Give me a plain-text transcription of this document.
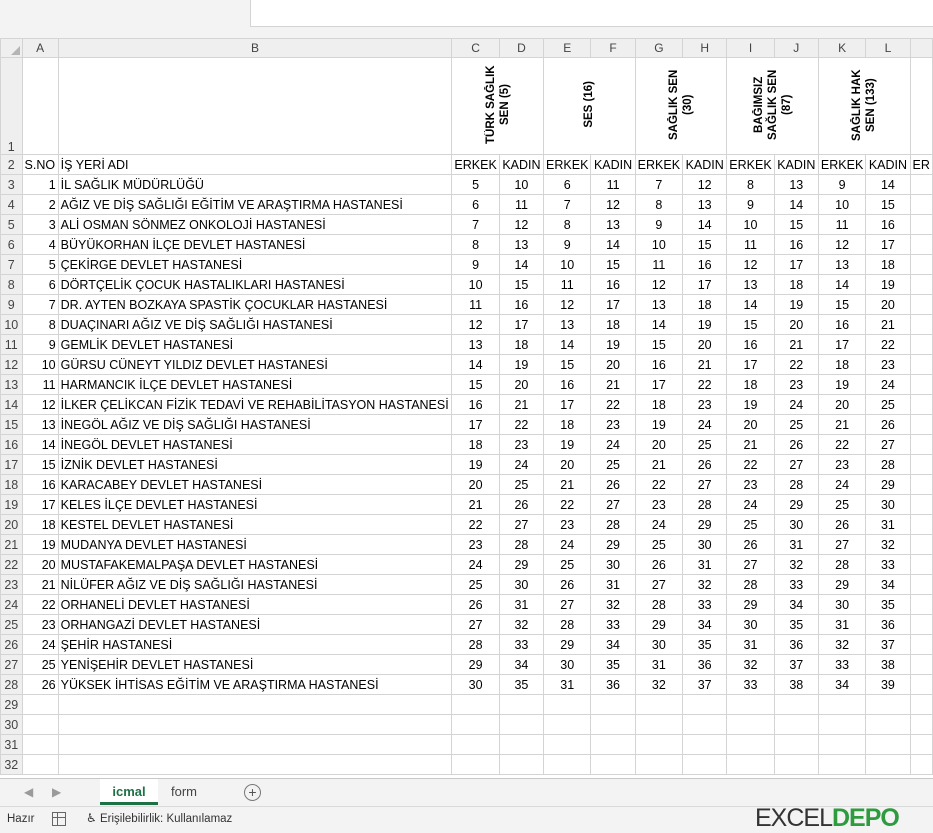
	A	B	C	D	E	F	G	H	I	J	K	L	
1			TÜRK SAĞLIK SEN (5)		SES (16)		SAĞLIK SEN (30)		BAĞIMSIZ SAĞLIK SEN (87)		SAĞLIK HAK SEN (133)		
2	S.NO	İŞ YERİ ADI	ERKEK	KADIN	ERKEK	KADIN	ERKEK	KADIN	ERKEK	KADIN	ERKEK	KADIN	ER
3	1	İL SAĞLIK MÜDÜRLÜĞÜ	5	10	6	11	7	12	8	13	9	14	
4	2	AĞIZ VE DİŞ SAĞLIĞI EĞİTİM VE ARAŞTIRMA HASTANESİ	6	11	7	12	8	13	9	14	10	15	
5	3	ALİ OSMAN SÖNMEZ ONKOLOJİ HASTANESİ	7	12	8	13	9	14	10	15	11	16	
6	4	BÜYÜKORHAN İLÇE DEVLET HASTANESİ	8	13	9	14	10	15	11	16	12	17	
7	5	ÇEKİRGE DEVLET HASTANESİ	9	14	10	15	11	16	12	17	13	18	
8	6	DÖRTÇELİK ÇOCUK HASTALIKLARI HASTANESİ	10	15	11	16	12	17	13	18	14	19	
9	7	DR. AYTEN BOZKAYA SPASTİK ÇOCUKLAR HASTANESİ	11	16	12	17	13	18	14	19	15	20	
10	8	DUAÇINARI AĞIZ VE DİŞ SAĞLIĞI HASTANESİ	12	17	13	18	14	19	15	20	16	21	
11	9	GEMLİK DEVLET HASTANESİ	13	18	14	19	15	20	16	21	17	22	
12	10	GÜRSU CÜNEYT YILDIZ DEVLET HASTANESİ	14	19	15	20	16	21	17	22	18	23	
13	11	HARMANCIK İLÇE DEVLET HASTANESİ	15	20	16	21	17	22	18	23	19	24	
14	12	İLKER ÇELİKCAN FİZİK TEDAVİ VE REHABİLİTASYON HASTANESİ	16	21	17	22	18	23	19	24	20	25	
15	13	İNEGÖL AĞIZ VE DİŞ SAĞLIĞI HASTANESİ	17	22	18	23	19	24	20	25	21	26	
16	14	İNEGÖL DEVLET HASTANESİ	18	23	19	24	20	25	21	26	22	27	
17	15	İZNİK DEVLET HASTANESİ	19	24	20	25	21	26	22	27	23	28	
18	16	KARACABEY DEVLET HASTANESİ	20	25	21	26	22	27	23	28	24	29	
19	17	KELES İLÇE DEVLET HASTANESİ	21	26	22	27	23	28	24	29	25	30	
20	18	KESTEL DEVLET HASTANESİ	22	27	23	28	24	29	25	30	26	31	
21	19	MUDANYA DEVLET HASTANESİ	23	28	24	29	25	30	26	31	27	32	
22	20	MUSTAFAKEMALPAŞA DEVLET HASTANESİ	24	29	25	30	26	31	27	32	28	33	
23	21	NİLÜFER AĞIZ VE DİŞ SAĞLIĞI HASTANESİ	25	30	26	31	27	32	28	33	29	34	
24	22	ORHANELİ DEVLET HASTANESİ	26	31	27	32	28	33	29	34	30	35	
25	23	ORHANGAZİ DEVLET HASTANESİ	27	32	28	33	29	34	30	35	31	36	
26	24	ŞEHİR HASTANESİ	28	33	29	34	30	35	31	36	32	37	
27	25	YENİŞEHİR DEVLET HASTANESİ	29	34	30	35	31	36	32	37	33	38	
28	26	YÜKSEK İHTİSAS EĞİTİM VE ARAŞTIRMA HASTANESİ	30	35	31	36	32	37	33	38	34	39	
29													
30													
31													
32													
◀ ▶	icmal	form	+
Hazır	♿ Erişilebilirlik: Kullanılamaz	EXCELDEPO
